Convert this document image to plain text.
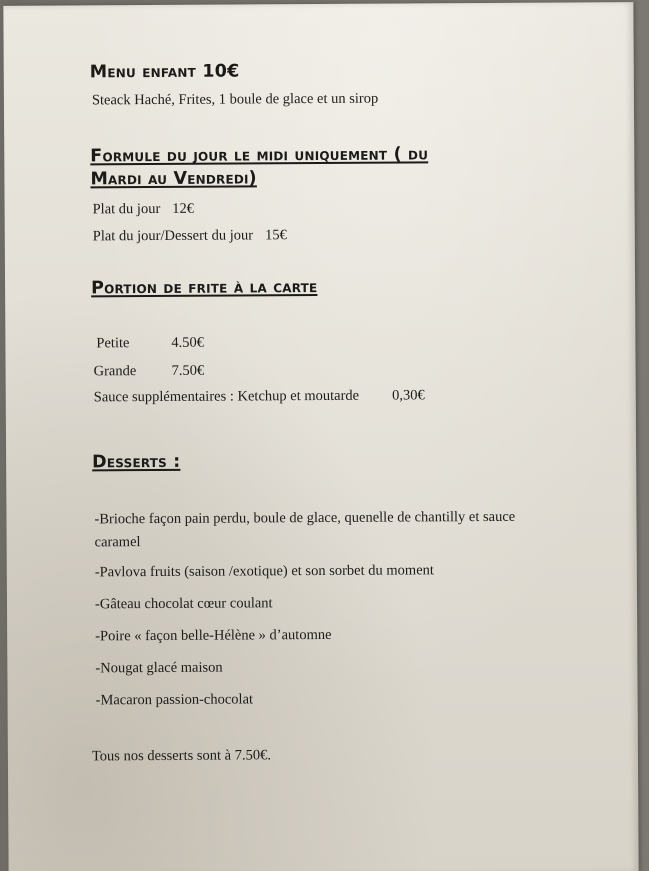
Menu enfant 10€

Steack Haché, Frites, 1 boule de glace et un sirop

Formule du jour le midi uniquement ( du
Mardi au Vendredi)
Plat du jour 12€
Plat du jour/Dessert du jour 15€
Portion de frite à la carte
Petite	4.50€
Grande	7.50€
Sauce supplémentaires : Ketchup et moutarde 0,30€
Desserts :

-Brioche façon pain perdu, boule de glace, quenelle de chantilly et sauce

caramel

-Pavlova fruits (saison /exotique) et son sorbet du moment

-Gâteau chocolat cœur coulant

-Poire « façon belle-Hélène » d’automne

-Nougat glacé maison

-Macaron passion-chocolat

Tous nos desserts sont à 7.50€.
